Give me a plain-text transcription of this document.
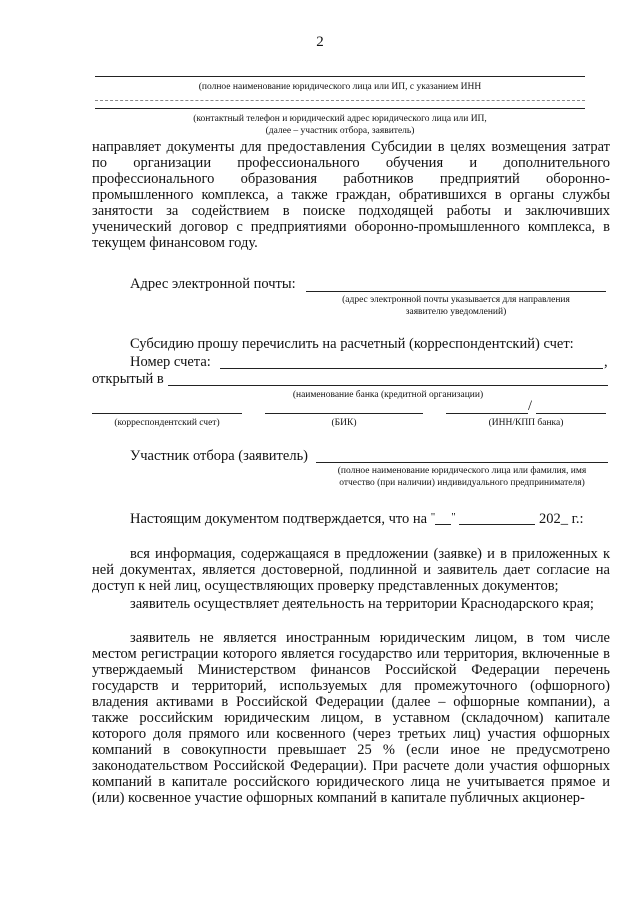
2
(полное наименование юридического лица или ИП, с указанием ИНН
(контактный телефон и юридический адрес юридического лица или ИП,
(далее – участник отбора, заявитель)
направляет документы для предоставления Субсидии в целях возмещения затрат по организации профессионального обучения и дополнительного профессионального образования работников предприятий оборонно-промышленного комплекса, а также граждан, обратившихся в органы службы занятости за содействием в поиске подходящей работы и заключивших ученический договор с предприятиями оборонно-промышленного комплекса, в текущем финансовом году.
Адрес электронной почты:
(адрес электронной почты указывается для направления
заявителю уведомлений)
Субсидию прошу перечислить на расчетный (корреспондентский) счет:
Номер счета:	,
открытый в
(наименование банка (кредитной организации)
/
(корреспондентский счет)	(БИК)	(ИНН/КПП банка)
Участник отбора (заявитель)
(полное наименование юридического лица или фамилия, имя
отчество (при наличии) индивидуального предпринимателя)
Настоящим документом подтверждается, что на " "	202_ г.:
вся информация, содержащаяся в предложении (заявке) и в приложенных к ней документах, является достоверной, подлинной и заявитель дает согласие на доступ к ней лиц, осуществляющих проверку представленных документов;
заявитель осуществляет деятельность на территории Краснодарского края;
заявитель не является иностранным юридическим лицом, в том числе местом регистрации которого является государство или территория, включенные в утверждаемый Министерством финансов Российской Федерации перечень государств и территорий, используемых для промежуточного (офшорного) владения активами в Российской Федерации (далее – офшорные компании), а также российским юридическим лицом, в уставном (складочном) капитале которого доля прямого или косвенного (через третьих лиц) участия офшорных компаний в совокупности превышает 25 % (если иное не предусмотрено законодательством Российской Федерации). При расчете доли участия офшорных компаний в капитале российского юридического лица не учитывается прямое и (или) косвенное участие офшорных компаний в капитале публичных акционер-
